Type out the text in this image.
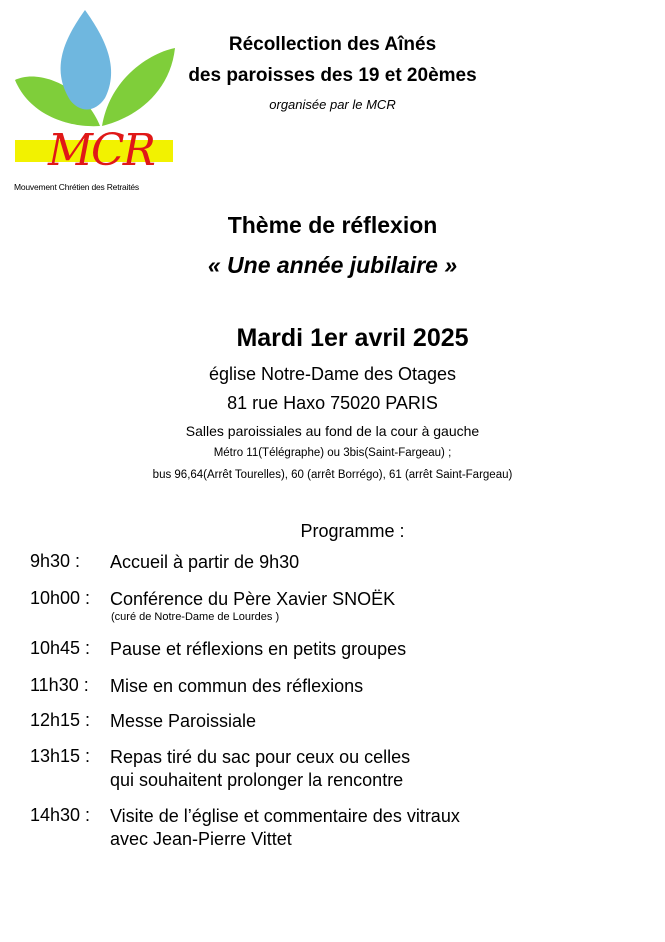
MCR
Mouvement Chrétien des Retraités
Récollection des Aînés
des paroisses des 19 et 20èmes
organisée par le MCR
Thème de réflexion
« Une année jubilaire »
Mardi 1er avril 2025
église Notre-Dame des Otages
81 rue Haxo 75020 PARIS
Salles paroissiales au fond de la cour à gauche
Métro 11(Télégraphe) ou 3bis(Saint-Fargeau) ;
bus 96,64(Arrêt Tourelles), 60 (arrêt Borrégo), 61 (arrêt Saint-Fargeau)
Programme :
9h30 : Accueil à partir de 9h30
10h00 : Conférence du Père Xavier SNOËK
(curé de Notre-Dame de Lourdes )
10h45 : Pause et réflexions en petits groupes
11h30 : Mise en commun des réflexions
12h15 : Messe Paroissiale
13h15 : Repas tiré du sac pour ceux ou celles
qui souhaitent prolonger la rencontre
14h30 : Visite de l’église et commentaire des vitraux
avec Jean-Pierre Vittet
